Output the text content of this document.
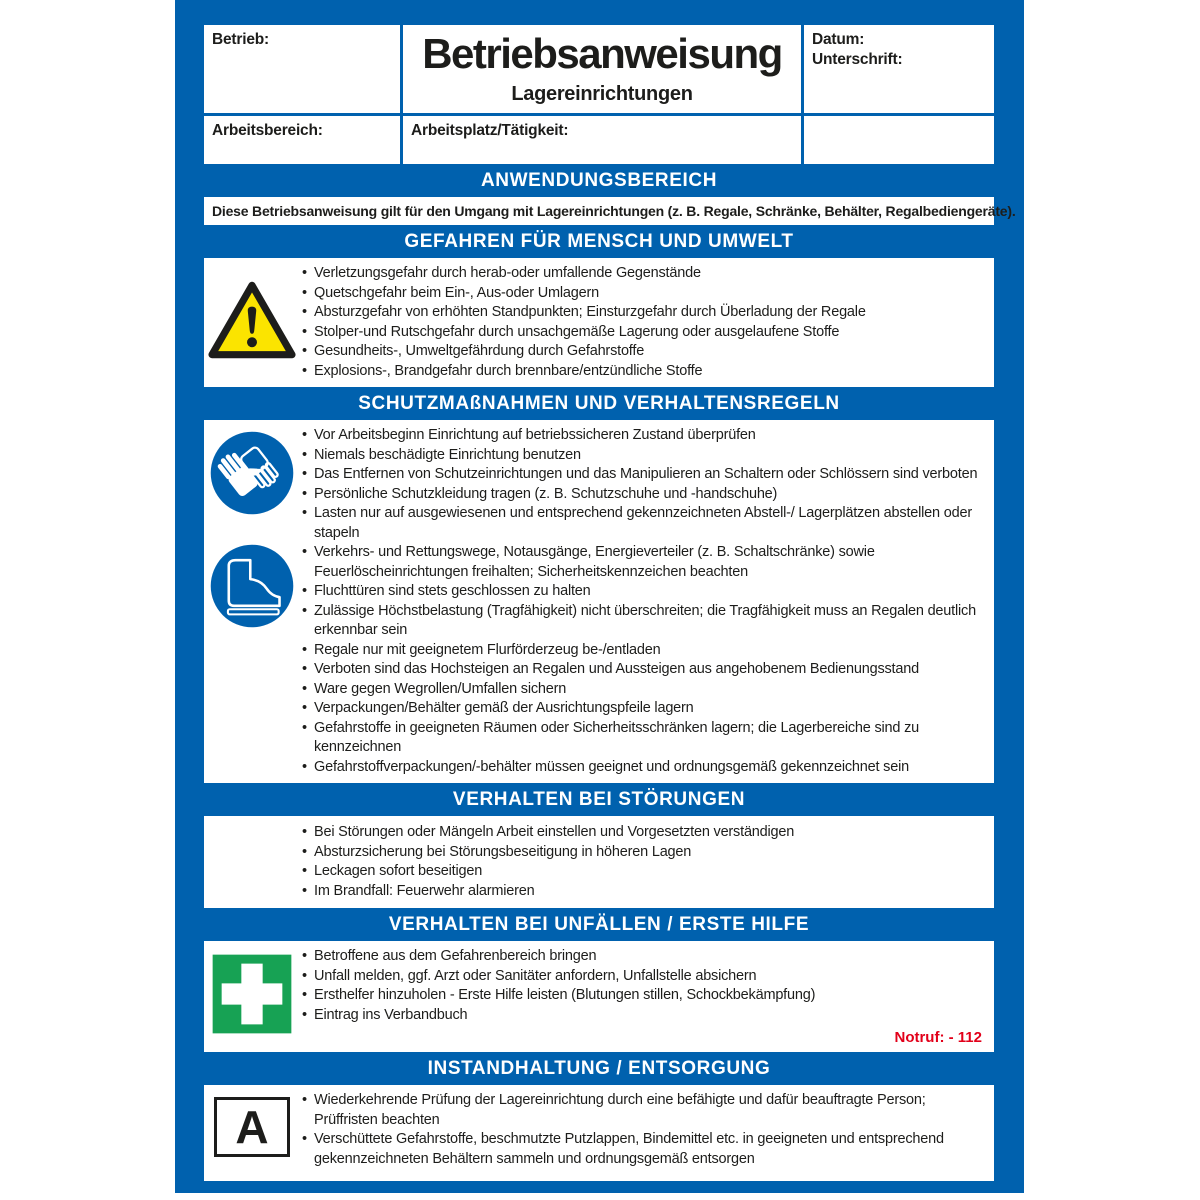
Betrieb:	Betriebsanweisung
Lagereinrichtungen
Datum:
Unterschrift:
Arbeitsbereich:	Arbeitsplatz/Tätigkeit:
ANWENDUNGSBEREICH

Diese Betriebsanweisung gilt für den Umgang mit Lagereinrichtungen (z. B. Regale, Schränke, Behälter, Regalbediengeräte).

GEFAHREN FÜR MENSCH UND UMWELT
• Verletzungsgefahr durch herab-oder umfallende Gegenstände
• Quetschgefahr beim Ein-, Aus-oder Umlagern
• Absturzgefahr von erhöhten Standpunkten; Einsturzgefahr durch Überladung der Regale
• Stolper-und Rutschgefahr durch unsachgemäße Lagerung oder ausgelaufene Stoffe
• Gesundheits-, Umweltgefährdung durch Gefahrstoffe
• Explosions-, Brandgefahr durch brennbare/entzündliche Stoffe
SCHUTZMAßNAHMEN UND VERHALTENSREGELN
• Vor Arbeitsbeginn Einrichtung auf betriebssicheren Zustand überprüfen
• Niemals beschädigte Einrichtung benutzen
• Das Entfernen von Schutzeinrichtungen und das Manipulieren an Schaltern oder Schlössern sind verboten
• Persönliche Schutzkleidung tragen (z. B. Schutzschuhe und -handschuhe)
• Lasten nur auf ausgewiesenen und entsprechend gekennzeichneten Abstell-/ Lagerplätzen abstellen oder stapeln
• Verkehrs- und Rettungswege, Notausgänge, Energieverteiler (z. B. Schaltschränke) sowie Feuerlöscheinrichtungen freihalten; Sicherheitskennzeichen beachten
• Fluchttüren sind stets geschlossen zu halten
• Zulässige Höchstbelastung (Tragfähigkeit) nicht überschreiten; die Tragfähigkeit muss an Regalen deutlich erkennbar sein
• Regale nur mit geeignetem Flurförderzeug be-/entladen
• Verboten sind das Hochsteigen an Regalen und Aussteigen aus angehobenem Bedienungsstand
• Ware gegen Wegrollen/Umfallen sichern
• Verpackungen/Behälter gemäß der Ausrichtungspfeile lagern
• Gefahrstoffe in geeigneten Räumen oder Sicherheitsschränken lagern; die Lagerbereiche sind zu kennzeichnen
• Gefahrstoffverpackungen/-behälter müssen geeignet und ordnungsgemäß gekennzeichnet sein
VERHALTEN BEI STÖRUNGEN
• Bei Störungen oder Mängeln Arbeit einstellen und Vorgesetzten verständigen
• Absturzsicherung bei Störungsbeseitigung in höheren Lagen
• Leckagen sofort beseitigen
• Im Brandfall: Feuerwehr alarmieren
VERHALTEN BEI UNFÄLLEN / ERSTE HILFE
• Betroffene aus dem Gefahrenbereich bringen
• Unfall melden, ggf. Arzt oder Sanitäter anfordern, Unfallstelle absichern
• Ersthelfer hinzuholen - Erste Hilfe leisten (Blutungen stillen, Schockbekämpfung)
• Eintrag ins Verbandbuch
Notruf: - 112
INSTANDHALTUNG / ENTSORGUNG
A
• Wiederkehrende Prüfung der Lagereinrichtung durch eine befähigte und dafür beauftragte Person; Prüffristen beachten
• Verschüttete Gefahrstoffe, beschmutzte Putzlappen, Bindemittel etc. in geeigneten und entsprechend gekennzeichneten Behältern sammeln und ordnungsgemäß entsorgen
